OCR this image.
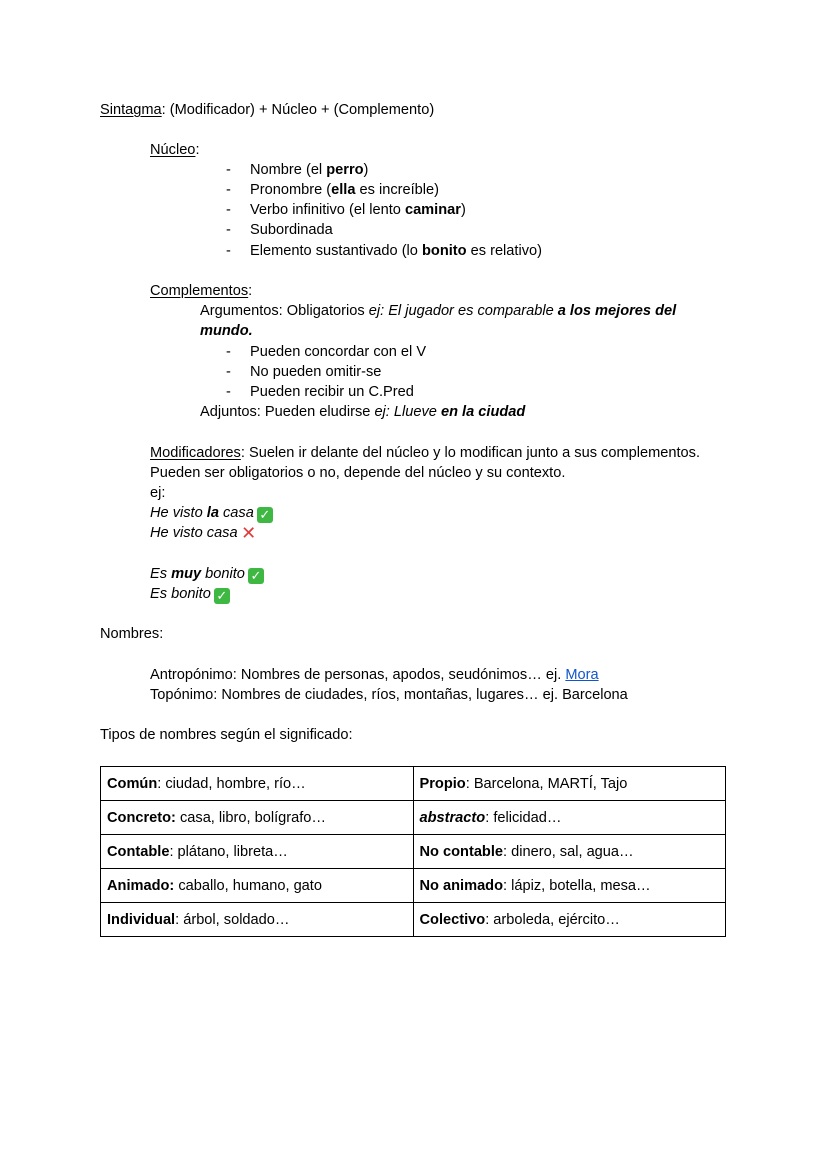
Sintagma: (Modificador) + Núcleo + (Complemento)
Núcleo:
- Nombre (el perro)
- Pronombre (ella es increíble)
- Verbo infinitivo (el lento caminar)
- Subordinada
- Elemento sustantivado (lo bonito es relativo)
Complementos:
Argumentos: Obligatorios ej: El jugador es comparable a los mejores del
mundo.
- Pueden concordar con el V
- No pueden omitir-se
- Pueden recibir un C.Pred
Adjuntos: Pueden eludirse ej: Llueve en la ciudad
Modificadores: Suelen ir delante del núcleo y lo modifican junto a sus complementos.
Pueden ser obligatorios o no, depende del núcleo y su contexto.
ej:
He visto la casa ✓
He visto casa ✕
Es muy bonito ✓
Es bonito ✓
Nombres:
Antropónimo: Nombres de personas, apodos, seudónimos… ej. Mora
Topónimo: Nombres de ciudades, ríos, montañas, lugares… ej. Barcelona
Tipos de nombres según el significado:
Común: ciudad, hombre, río…	Propio: Barcelona, MARTÍ, Tajo
Concreto: casa, libro, bolígrafo…	abstracto: felicidad…
Contable: plátano, libreta…	No contable: dinero, sal, agua…
Animado: caballo, humano, gato	No animado: lápiz, botella, mesa…
Individual: árbol, soldado…	Colectivo: arboleda, ejército…
